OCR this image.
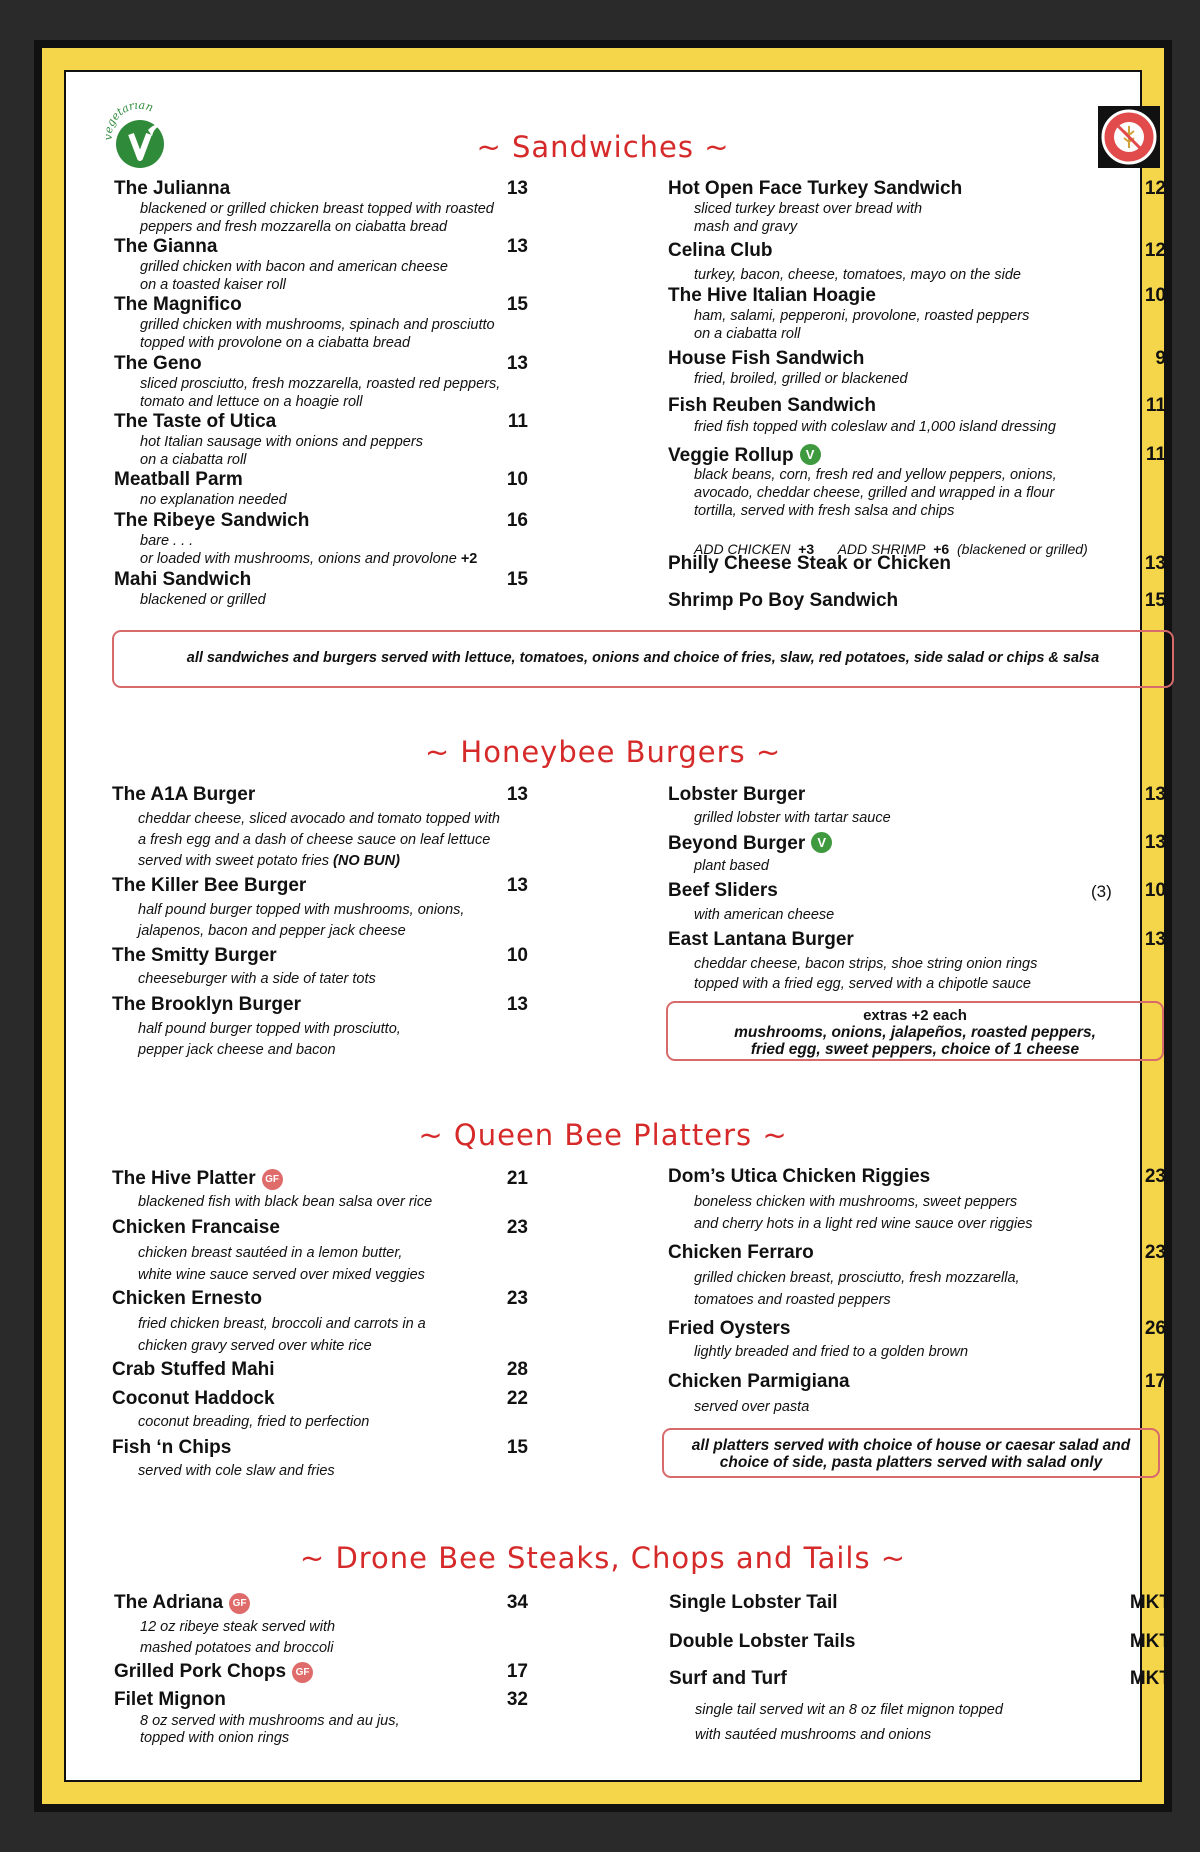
getarian
~ Sandwiches ~
The Julianna	13
blackened or grilled chicken breast topped with roasted
peppers and fresh mozzarella on ciabatta bread
The Gianna	13
grilled chicken with bacon and american cheese
on a toasted kaiser roll
The Magnifico	15
grilled chicken with mushrooms, spinach and prosciutto
topped with provolone on a ciabatta bread
The Geno	13
sliced prosciutto, fresh mozzarella, roasted red peppers,
tomato and lettuce on a hoagie roll
The Taste of Utica	11
hot Italian sausage with onions and peppers
on a ciabatta roll
Meatball Parm	10
no explanation needed
The Ribeye Sandwich	16
bare . . .
or loaded with mushrooms, onions and provolone +2
Mahi Sandwich	15
blackened or grilled
Hot Open Face Turkey Sandwich	12
sliced turkey breast over bread with
mash and gravy
Celina Club	12
turkey, bacon, cheese, tomatoes, mayo on the side
The Hive Italian Hoagie	10
ham, salami, pepperoni, provolone, roasted peppers
on a ciabatta roll
House Fish Sandwich	9
fried, broiled, grilled or blackened
Fish Reuben Sandwich	11
fried fish topped with coleslaw and 1,000 island dressing
Veggie Rollup V	11
black beans, corn, fresh red and yellow peppers, onions,
avocado, cheddar cheese, grilled and wrapped in a flour
tortilla, served with fresh salsa and chips

ADD CHICKEN +3 ADD SHRIMP +6 (blackened or grilled)

Philly Cheese Steak or Chicken	13
Shrimp Po Boy Sandwich	15
all sandwiches and burgers served with lettuce, tomatoes, onions and choice of fries, slaw, red potatoes, side salad or chips & salsa
~ Honeybee Burgers ~
The A1A Burger	13
cheddar cheese, sliced avocado and tomato topped with
a fresh egg and a dash of cheese sauce on leaf lettuce
served with sweet potato fries (NO BUN)
The Killer Bee Burger	13
half pound burger topped with mushrooms, onions,
jalapenos, bacon and pepper jack cheese
The Smitty Burger	10
cheeseburger with a side of tater tots
The Brooklyn Burger	13
half pound burger topped with prosciutto,
pepper jack cheese and bacon
Lobster Burger	13
grilled lobster with tartar sauce
Beyond Burger V	13
plant based
Beef Sliders	10
(3)
with american cheese
East Lantana Burger	13
cheddar cheese, bacon strips, shoe string onion rings
topped with a fried egg, served with a chipotle sauce
extras +2 each
mushrooms, onions, jalapeños, roasted peppers,
fried egg, sweet peppers, choice of 1 cheese
~ Queen Bee Platters ~
The Hive Platter GF	21
blackened fish with black bean salsa over rice
Chicken Francaise	23
chicken breast sautéed in a lemon butter,
white wine sauce served over mixed veggies
Chicken Ernesto	23
fried chicken breast, broccoli and carrots in a
chicken gravy served over white rice
Crab Stuffed Mahi	28
Coconut Haddock	22
coconut breading, fried to perfection
Fish ‘n Chips	15
served with cole slaw and fries
Dom’s Utica Chicken Riggies	23
boneless chicken with mushrooms, sweet peppers
and cherry hots in a light red wine sauce over riggies
Chicken Ferraro	23
grilled chicken breast, prosciutto, fresh mozzarella,
tomatoes and roasted peppers
Fried Oysters	26
lightly breaded and fried to a golden brown
Chicken Parmigiana	17
served over pasta
all platters served with choice of house or caesar salad and
choice of side, pasta platters served with salad only
~ Drone Bee Steaks, Chops and Tails ~
The Adriana GF	34
12 oz ribeye steak served with
mashed potatoes and broccoli
Grilled Pork Chops GF	17
Filet Mignon	32
8 oz served with mushrooms and au jus,
topped with onion rings
Single Lobster Tail	MKT
Double Lobster Tails	MKT
Surf and Turf	MKT
single tail served wit an 8 oz filet mignon topped
with sautéed mushrooms and onions
